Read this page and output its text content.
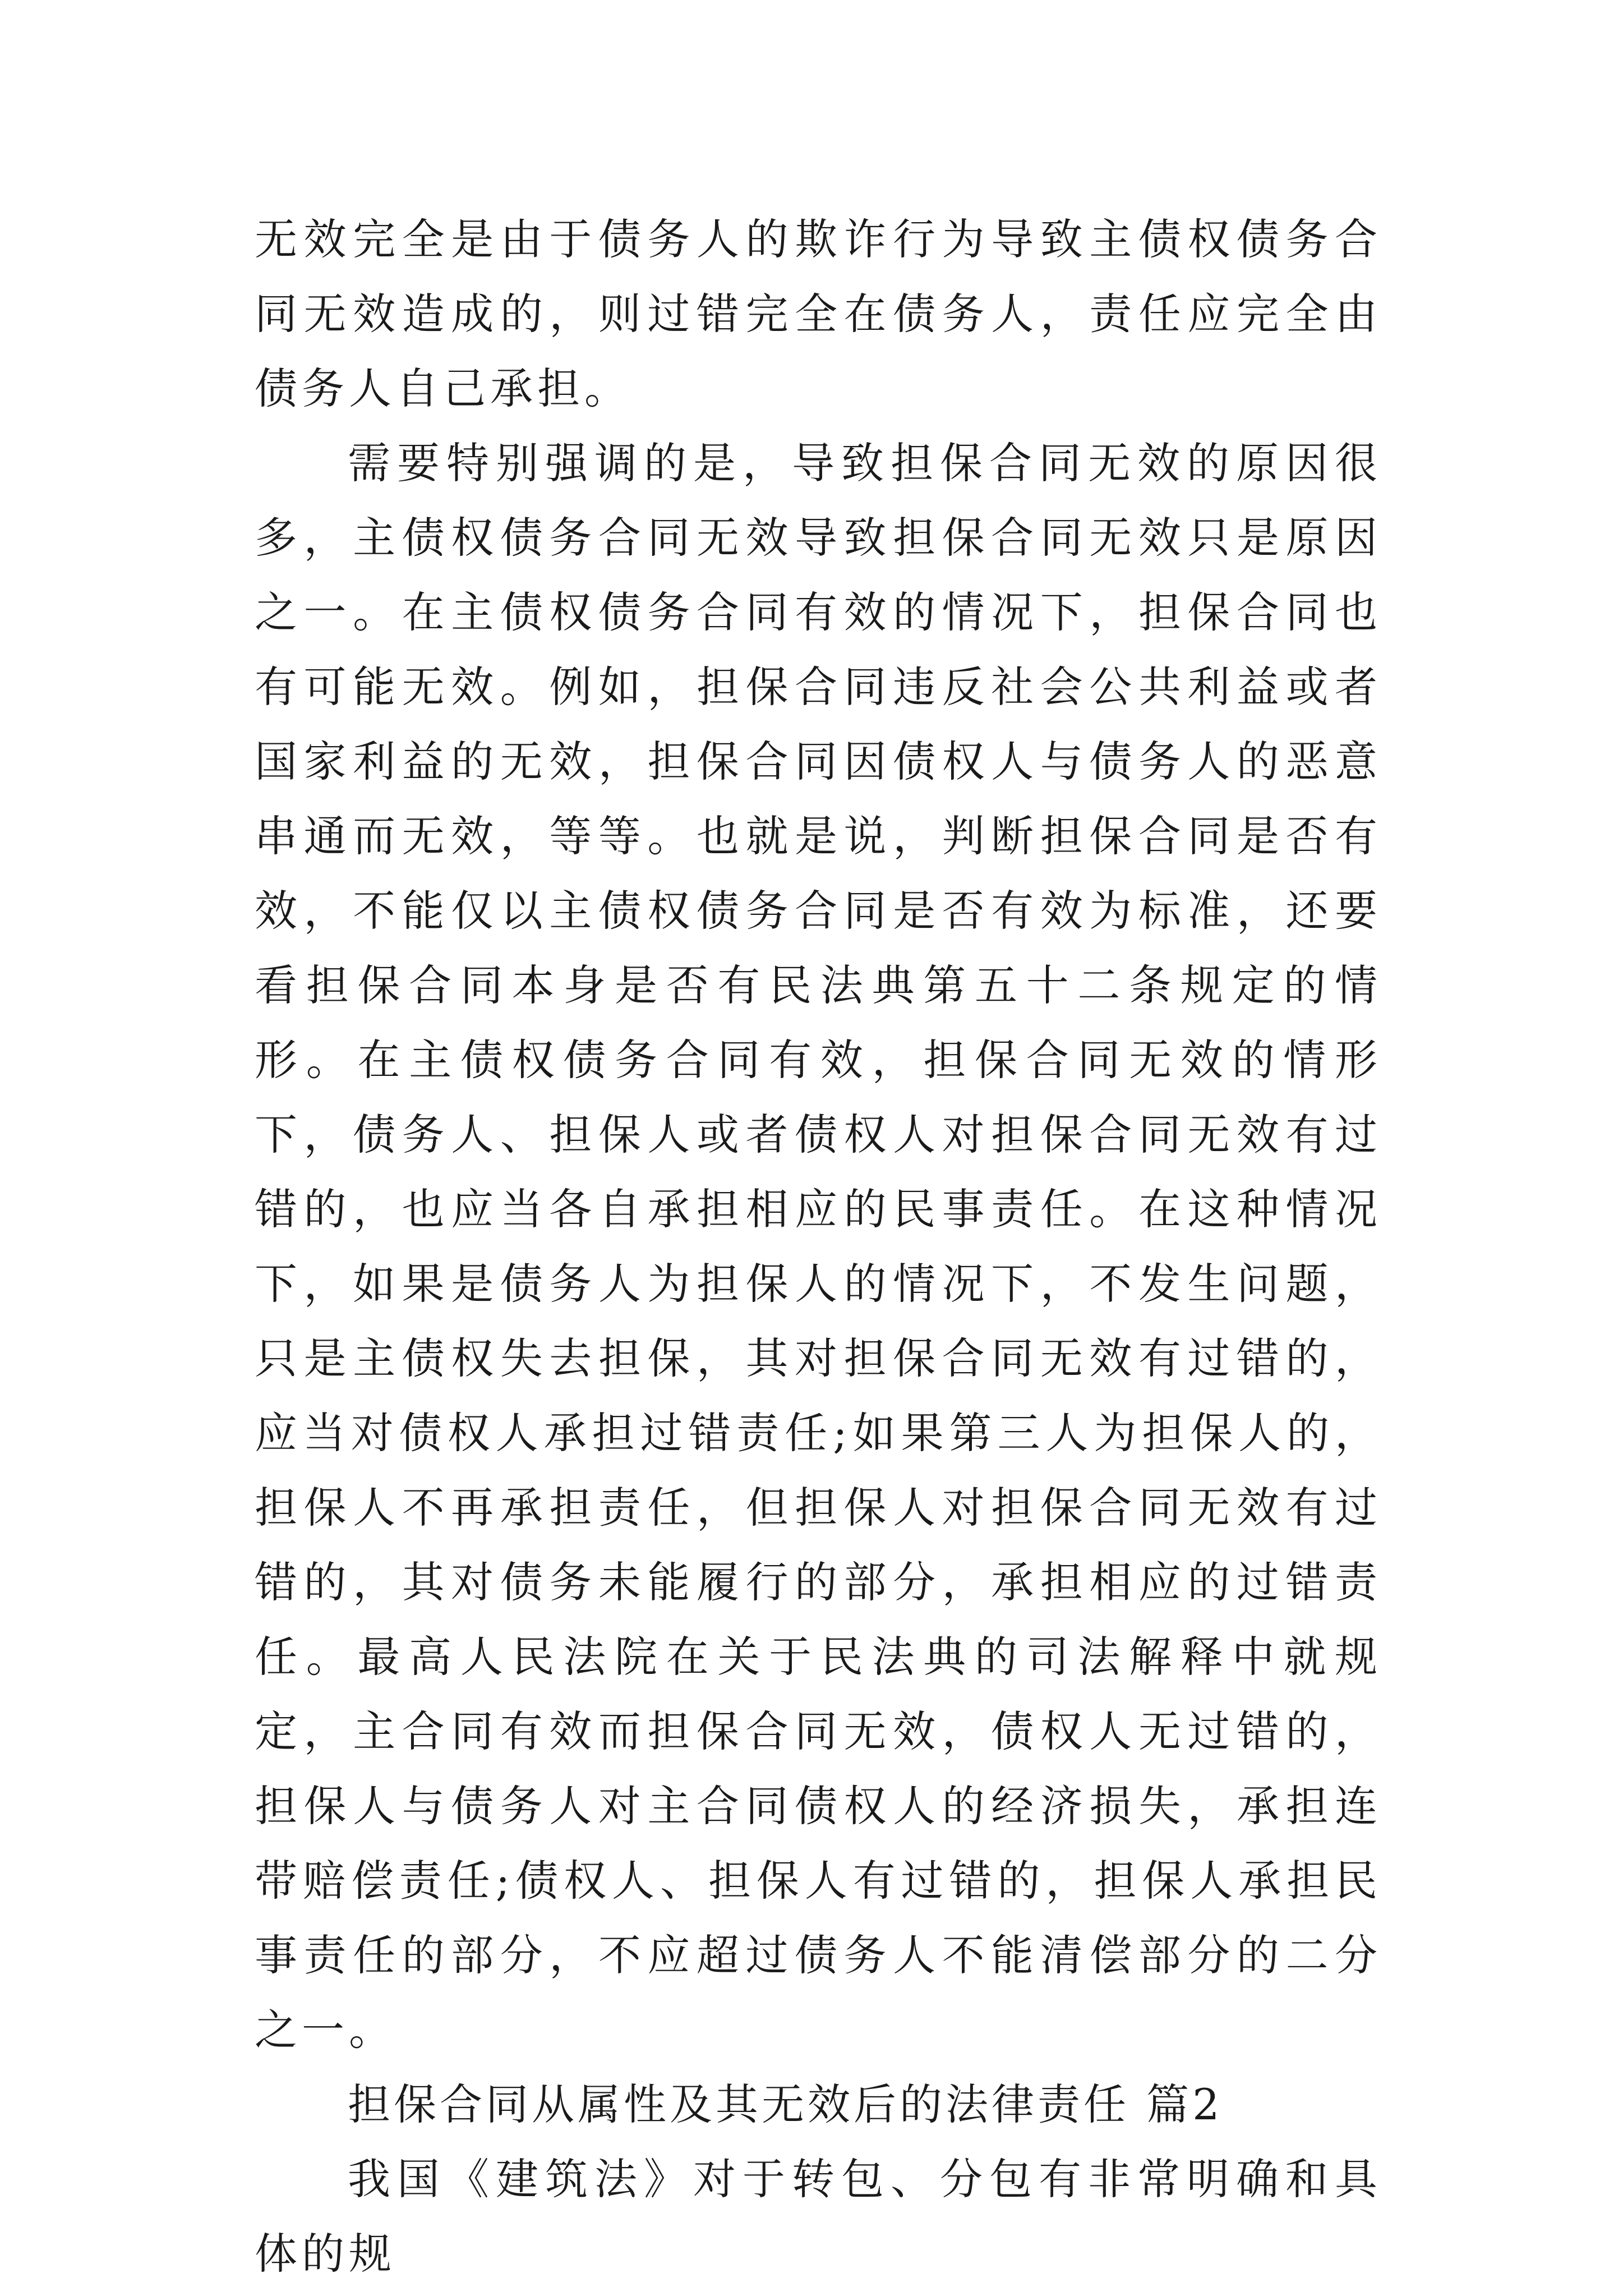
无效完全是由于债务人的欺诈行为导致主债权债务合同无效造成的，则过错完全在债务人，责任应完全由债务人自己承担。

需要特别强调的是，导致担保合同无效的原因很多，主债权债务合同无效导致担保合同无效只是原因之一。在主债权债务合同有效的情况下，担保合同也有可能无效。例如，担保合同违反社会公共利益或者国家利益的无效，担保合同因债权人与债务人的恶意串通而无效，等等。也就是说，判断担保合同是否有效，不能仅以主债权债务合同是否有效为标准，还要看担保合同本身是否有民法典第五十二条规定的情形。在主债权债务合同有效，担保合同无效的情形下，债务人、担保人或者债权人对担保合同无效有过错的，也应当各自承担相应的民事责任。在这种情况下，如果是债务人为担保人的情况下，不发生问题，只是主债权失去担保，其对担保合同无效有过错的，应当对债权人承担过错责任;如果第三人为担保人的，担保人不再承担责任，但担保人对担保合同无效有过错的，其对债务未能履行的部分，承担相应的过错责任。最高人民法院在关于民法典的司法解释中就规定，主合同有效而担保合同无效，债权人无过错的，担保人与债务人对主合同债权人的经济损失，承担连带赔偿责任;债权人、担保人有过错的，担保人承担民事责任的部分，不应超过债务人不能清偿部分的二分之一。

担保合同从属性及其无效后的法律责任 篇2

我国《建筑法》对于转包、分包有非常明确和具体的规
